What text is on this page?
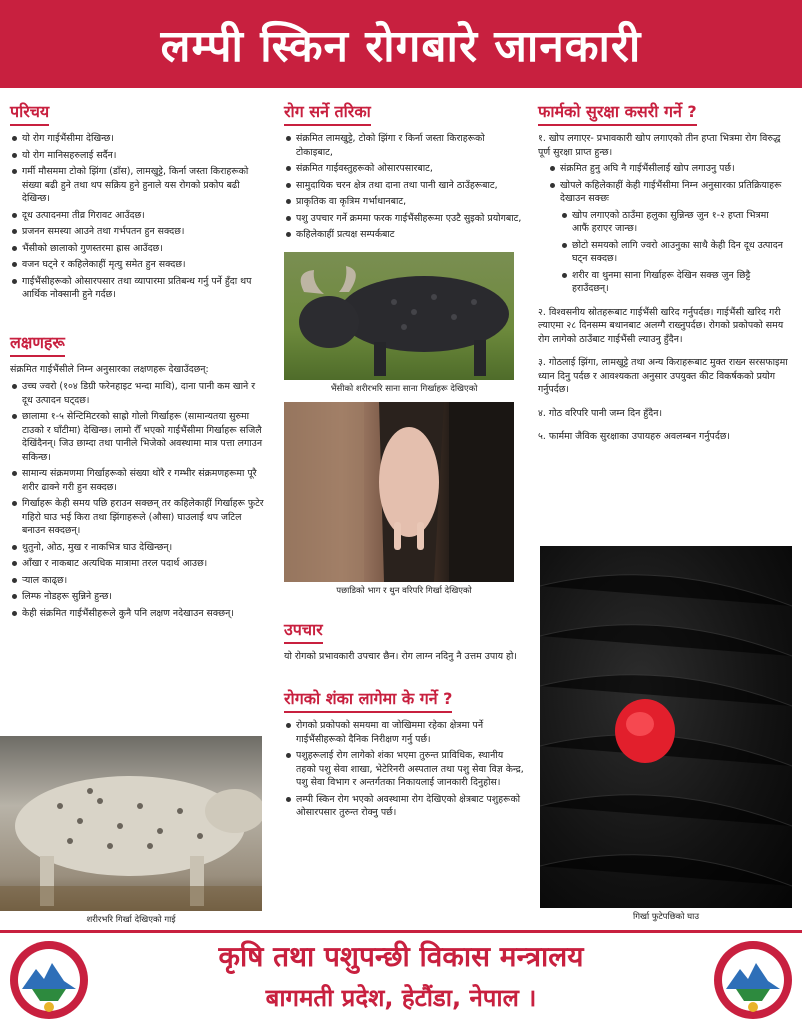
लम्पी स्किन रोगबारे जानकारी
परिचय
यो रोग गाईभैंसीमा देखिन्छ।
यो रोग मानिसहरुलाई सर्दैन।
गर्मी मौसममा टोको झिंगा (डाँस), लामखुट्टे, किर्ना जस्ता किराहरूको संख्या बढी हुने तथा थप सक्रिय हुने हुनाले यस रोगको प्रकोप बढी देखिन्छ।
दूध उत्पादनमा तीव्र गिरावट आउँदछ।
प्रजनन समस्या आउने तथा गर्भपतन हुन सक्दछ।
भैंसीको छालाको गुणस्तरमा ह्रास आउँदछ।
वजन घट्ने र कहिलेकाहीं मृत्यु समेत हुन सक्दछ।
गाईभैंसीहरूको ओसारपसार तथा व्यापारमा प्रतिबन्ध गर्नु पर्ने हुँदा थप आर्थिक नोक्सानी हुने गर्दछ।
लक्षणहरू

संक्रमित गाईभैंसीले निम्न अनुसारका लक्षणहरू देखाउँदछन्:

उच्च ज्वरो (१०४ डिग्री फरेनहाइट भन्दा माथि), दाना पानी कम खाने र दूध उत्पादन घट्दछ।
छालामा १-५ सेन्टिमिटरको साह्रो गोलो गिर्खाहरू (सामान्यतया सुरुमा टाउको र घाँटीमा) देखिन्छ। लामो रौँ भएको गाईभैंसीमा गिर्खाहरू सजिलै देखिंदैनन्। जिउ छाम्दा तथा पानीले भिजेको अवस्थामा मात्र पत्ता लगाउन सकिन्छ।
सामान्य संक्रमणमा गिर्खाहरूको संख्या थोरै र गम्भीर संक्रमणहरूमा पूरै शरीर ढाक्ने गरी हुन सक्दछ।
गिर्खाहरू केही समय पछि हराउन सक्छन् तर कहिलेकाहीं गिर्खाहरू फुटेर गहिरो घाउ भई किरा तथा झिंगाहरूले (औसा) घाउलाई थप जटिल बनाउन सक्दछन्।
थुतुनो, ओठ, मुख र नाकभित्र घाउ देखिन्छन्।
आँखा र नाकबाट अत्यधिक मात्रामा तरल पदार्थ आउछ।
र्‍याल काढ्छ।
लिम्फ नोडहरू सुन्निने हुन्छ।
केही संक्रमित गाईभैंसीहरूले कुनै पनि लक्षण नदेखाउन सक्छन्।
शरीरभरि गिर्खा देखिएको गाई
रोग सर्ने तरिका
संक्रमित लामखुट्टे, टोको झिंगा र किर्ना जस्ता किराहरूको टोकाइबाट,
संक्रमित गाईवस्तुहरूको ओसारपसारबाट,
सामुदायिक चरन क्षेत्र तथा दाना तथा पानी खाने ठाउँहरूबाट,
प्राकृतिक वा कृत्रिम गर्भाधानबाट,
पशु उपचार गर्ने क्रममा फरक गाईभैंसीहरूमा एउटै सुइको प्रयोगबाट,
कहिलेकाहीं प्रत्यक्ष सम्पर्कबाट
भैंसीको शरीरभरि साना साना गिर्खाहरू देखिएको
पछाडिको भाग र थुन वरिपरि गिर्खा देखिएको
उपचार

यो रोगको प्रभावकारी उपचार छैन। रोग लाग्न नदिनु नै उत्तम उपाय हो।

रोगको शंका लागेमा के गर्ने ?
रोगको प्रकोपको समयमा वा जोखिममा रहेका क्षेत्रमा पर्ने गाईभैंसीहरूको दैनिक निरीक्षण गर्नु पर्छ।
पशुहरूलाई रोग लागेको शंका भएमा तुरुन्त प्राविधिक, स्थानीय तहको पशु सेवा शाखा, भेटेरिनरी अस्पताल तथा पशु सेवा विज्ञ केन्द्र, पशु सेवा विभाग र अन्तर्गतका निकायलाई जानकारी दिनुहोस।
लम्पी स्किन रोग भएको अवस्थामा रोग देखिएको क्षेत्रबाट पशुहरूको ओसारपसार तुरुन्त रोक्नु पर्छ।
फार्मको सुरक्षा कसरी गर्ने ?
१. खोप लगाएर- प्रभावकारी खोप लगाएको तीन हप्ता भित्रमा रोग विरुद्ध पूर्ण सुरक्षा प्राप्त हुन्छ।
संक्रमित हुनु अघि नै गाईभैंसीलाई खोप लगाउनु पर्छ।
खोपले कहिलेकाहीं केही गाईभैंसीमा निम्न अनुसारका प्रतिक्रियाहरू देखाउन सक्छः
खोप लगाएको ठाउँमा हलुका सुन्निन्छ जुन १-२ हप्ता भित्रमा आफैं हराएर जान्छ।
छोटो समयको लागि ज्वरो आउनुका साथै केही दिन दूध उत्पादन घट्न सक्दछ।
शरीर वा थुनमा साना गिर्खाहरू देखिन सक्छ जुन छिट्टै हराउँदछन्।
२. विश्वसनीय स्रोतहरूबाट गाईभैंसी खरिद गर्नुपर्दछ। गाईभैंसी खरिद गरी ल्याएमा २८ दिनसम्म बथानबाट अलग्गै राख्नुपर्दछ। रोगको प्रकोपको समय रोग लागेको ठाउँबाट गाईभैंसी ल्याउनु हुँदैन।
३. गोठलाई झिंगा, लामखुट्टे तथा अन्य किराहरूबाट मुक्त राख्न सरसफाइमा ध्यान दिनु पर्दछ र आवश्यकता अनुसार उपयुक्त कीट विकर्षकको प्रयोग गर्नुपर्दछ।
४. गोठ वरिपरि पानी जम्न दिन हुँदैन।
५. फार्ममा जैविक सुरक्षाका उपायहरु अवलम्बन गर्नुपर्दछ।
गिर्खा फुटेपछिको घाउ
कृषि तथा पशुपन्छी विकास मन्त्रालय
बागमती प्रदेश, हेटौंडा, नेपाल ।
